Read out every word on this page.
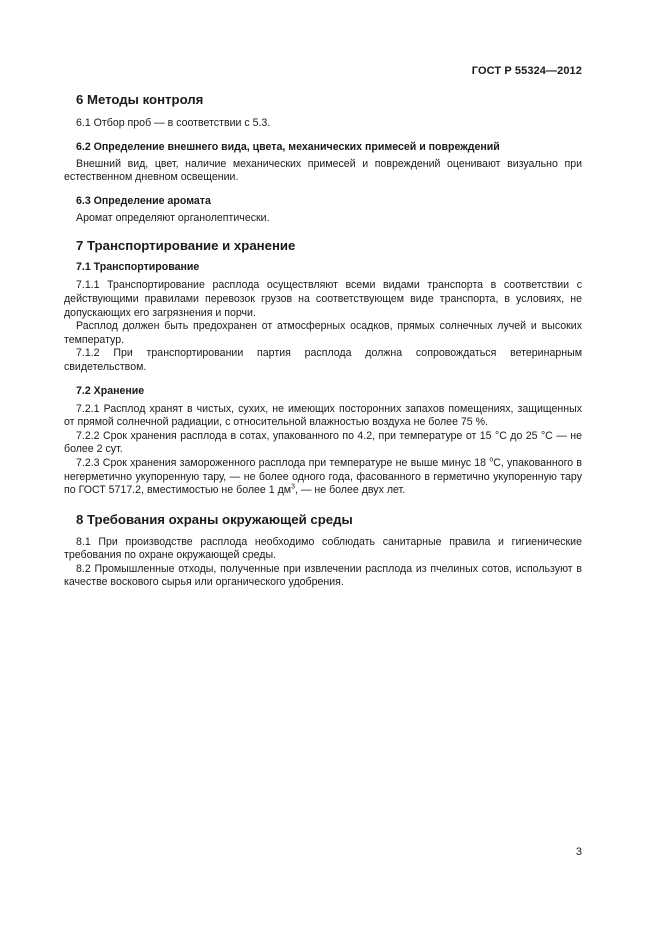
ГОСТ Р 55324—2012
6 Методы контроля

6.1 Отбор проб — в соответствии с 5.3.

6.2 Определение внешнего вида, цвета, механических примесей и повреждений

Внешний вид, цвет, наличие механических примесей и повреждений оценивают визуально при естественном дневном освещении.

6.3 Определение аромата

Аромат определяют органолептически.

7 Транспортирование и хранение
7.1 Транспортирование

7.1.1 Транспортирование расплода осуществляют всеми видами транспорта в соответствии с действующими правилами перевозок грузов на соответствующем виде транспорта, в условиях, не допускающих его загрязнения и порчи.

Расплод должен быть предохранен от атмосферных осадков, прямых солнечных лучей и высоких температур.

7.1.2 При транспортировании партия расплода должна сопровождаться ветеринарным свидетельством.

7.2 Хранение

7.2.1 Расплод хранят в чистых, сухих, не имеющих посторонних запахов помещениях, защищенных от прямой солнечной радиации, с относительной влажностью воздуха не более 75 %.

7.2.2 Срок хранения расплода в сотах, упакованного по 4.2, при температуре от 15 °С до 25 °С — не более 2 сут.

7.2.3 Срок хранения замороженного расплода при температуре не выше минус 18 $^о$С, упакованного в негерметично укупоренную тару, — не более одного года, фасованного в герметично укупоренную тару по ГОСТ 5717.2, вместимостью не более 1 $дм^3$, — не более двух лет.

8 Требования охраны окружающей среды

8.1 При производстве расплода необходимо соблюдать санитарные правила и гигиенические требования по охране окружающей среды.

8.2 Промышленные отходы, полученные при извлечении расплода из пчелиных сотов, используют в качестве воскового сырья или органического удобрения.

3
